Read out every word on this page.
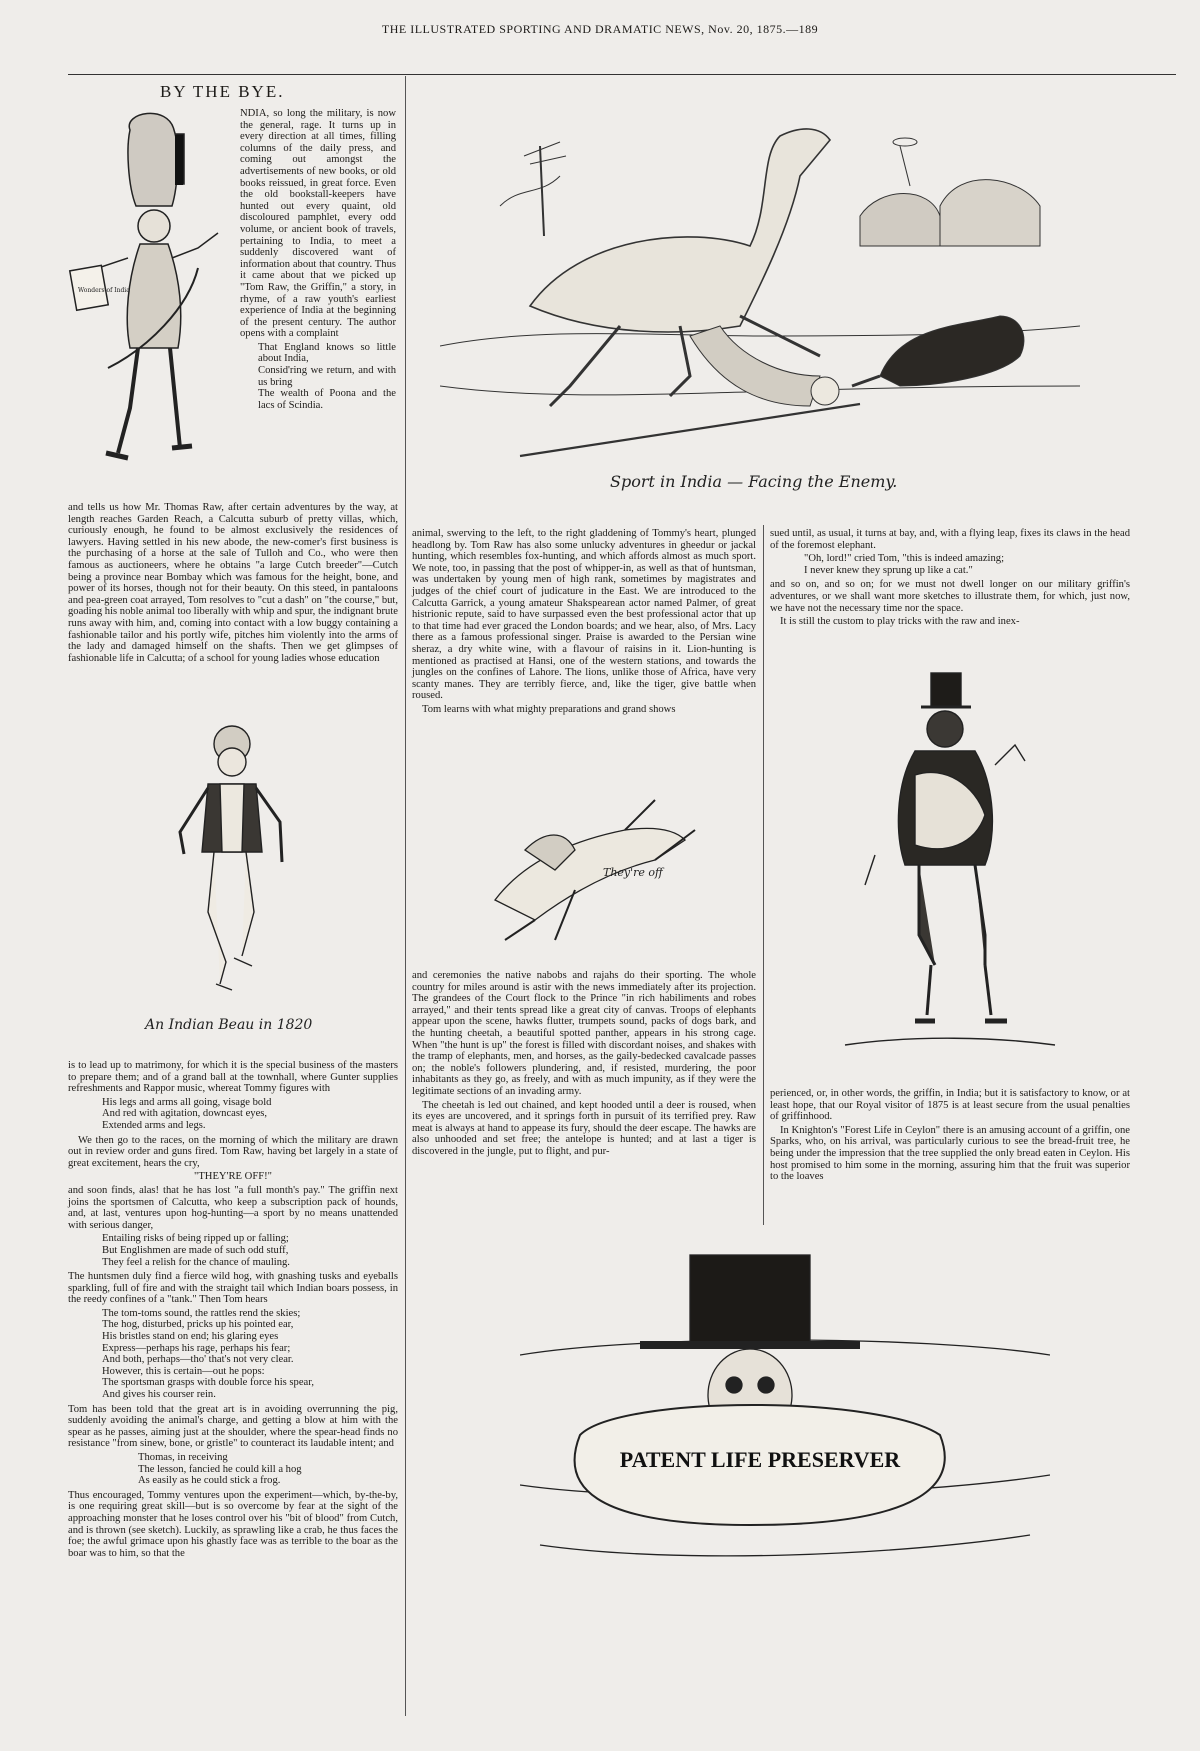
THE ILLUSTRATED SPORTING AND DRAMATIC NEWS, Nov. 20, 1875.—189
BY THE BYE.
Wonders of India

NDIA, so long the military, is now the general, rage. It turns up in every direction at all times, filling columns of the daily press, and coming out amongst the advertisements of new books, or old books reissued, in great force. Even the old bookstall-keepers have hunted out every quaint, old discoloured pamphlet, every odd volume, or ancient book of travels, pertaining to India, to meet a suddenly discovered want of information about that country. Thus it came about that we picked up "Tom Raw, the Griffin," a story, in rhyme, of a raw youth's earliest experience of India at the beginning of the present century. The author opens with a complaint

That England knows so little about India,
Consid'ring we return, and with us bring
The wealth of Poona and the lacs of Scindia.

and tells us how Mr. Thomas Raw, after certain adventures by the way, at length reaches Garden Reach, a Calcutta suburb of pretty villas, which, curiously enough, he found to be almost exclusively the residences of lawyers. Having settled in his new abode, the new-comer's first business is the purchasing of a horse at the sale of Tulloh and Co., who were then famous as auctioneers, where he obtains "a large Cutch breeder"—Cutch being a province near Bombay which was famous for the height, bone, and power of its horses, though not for their beauty. On this steed, in pantaloons and pea-green coat arrayed, Tom resolves to "cut a dash" on "the course," but, goading his noble animal too liberally with whip and spur, the indignant brute runs away with him, and, coming into contact with a low buggy containing a fashionable tailor and his portly wife, pitches him violently into the arms of the lady and damaged himself on the shafts. Then we get glimpses of fashionable life in Calcutta; of a school for young ladies whose education

An Indian Beau in 1820

is to lead up to matrimony, for which it is the special business of the masters to prepare them; and of a grand ball at the townhall, where Gunter supplies refreshments and Rappor music, whereat Tommy figures with

His legs and arms all going, visage bold
And red with agitation, downcast eyes,
Extended arms and legs.

We then go to the races, on the morning of which the military are drawn out in review order and guns fired. Tom Raw, having bet largely in a state of great excitement, hears the cry,

"THEY'RE OFF!"

and soon finds, alas! that he has lost "a full month's pay." The griffin next joins the sportsmen of Calcutta, who keep a subscription pack of hounds, and, at last, ventures upon hog-hunting—a sport by no means unattended with serious danger,

Entailing risks of being ripped up or falling;
But Englishmen are made of such odd stuff,
They feel a relish for the chance of mauling.

The huntsmen duly find a fierce wild hog, with gnashing tusks and eyeballs sparkling, full of fire and with the straight tail which Indian boars possess, in the reedy confines of a "tank." Then Tom hears

The tom-toms sound, the rattles rend the skies;
The hog, disturbed, pricks up his pointed ear,
His bristles stand on end; his glaring eyes
Express—perhaps his rage, perhaps his fear;
And both, perhaps—tho' that's not very clear.
However, this is certain—out he pops:
The sportsman grasps with double force his spear,
And gives his courser rein.

Tom has been told that the great art is in avoiding overrunning the pig, suddenly avoiding the animal's charge, and getting a blow at him with the spear as he passes, aiming just at the shoulder, where the spear-head finds no resistance "from sinew, bone, or gristle" to counteract its laudable intent; and

Thomas, in receiving
The lesson, fancied he could kill a hog
As easily as he could stick a frog.

Thus encouraged, Tommy ventures upon the experiment—which, by-the-by, is one requiring great skill—but is so overcome by fear at the sight of the approaching monster that he loses control over his "bit of blood" from Cutch, and is thrown (see sketch). Luckily, as sprawling like a crab, he thus faces the foe; the awful grimace upon his ghastly face was as terrible to the boar as the boar was to him, so that the

Sport in India — Facing the Enemy.

animal, swerving to the left, to the right gladdening of Tommy's heart, plunged headlong by. Tom Raw has also some unlucky adventures in gheedur or jackal hunting, which resembles fox-hunting, and which affords almost as much sport. We note, too, in passing that the post of whipper-in, as well as that of huntsman, was undertaken by young men of high rank, sometimes by magistrates and judges of the chief court of judicature in the East. We are introduced to the Calcutta Garrick, a young amateur Shakspearean actor named Palmer, of great histrionic repute, said to have surpassed even the best professional actor that up to that time had ever graced the London boards; and we hear, also, of Mrs. Lacy there as a famous professional singer. Praise is awarded to the Persian wine sheraz, a dry white wine, with a flavour of raisins in it. Lion-hunting is mentioned as practised at Hansi, one of the western stations, and towards the jungles on the confines of Lahore. The lions, unlike those of Africa, have very scanty manes. They are terribly fierce, and, like the tiger, give battle when roused.

Tom learns with what mighty preparations and grand shows

They're off

and ceremonies the native nabobs and rajahs do their sporting. The whole country for miles around is astir with the news immediately after its projection. The grandees of the Court flock to the Prince "in rich habiliments and robes arrayed," and their tents spread like a great city of canvas. Troops of elephants appear upon the scene, hawks flutter, trumpets sound, packs of dogs bark, and the hunting cheetah, a beautiful spotted panther, appears in his strong cage. When "the hunt is up" the forest is filled with discordant noises, and shakes with the tramp of elephants, men, and horses, as the gaily-bedecked cavalcade passes on; the noble's followers plundering, and, if resisted, murdering, the poor inhabitants as they go, as freely, and with as much impunity, as if they were the legitimate sections of an invading army.

The cheetah is led out chained, and kept hooded until a deer is roused, when its eyes are uncovered, and it springs forth in pursuit of its terrified prey. Raw meat is always at hand to appease its fury, should the deer escape. The hawks are also unhooded and set free; the antelope is hunted; and at last a tiger is discovered in the jungle, put to flight, and pur-

sued until, as usual, it turns at bay, and, with a flying leap, fixes its claws in the head of the foremost elephant.

"Oh, lord!" cried Tom, "this is indeed amazing;
I never knew they sprung up like a cat."

and so on, and so on; for we must not dwell longer on our military griffin's adventures, or we shall want more sketches to illustrate them, for which, just now, we have not the necessary time nor the space.

It is still the custom to play tricks with the raw and inex-

perienced, or, in other words, the griffin, in India; but it is satisfactory to know, or at least hope, that our Royal visitor of 1875 is at least secure from the usual penalties of griffinhood.

In Knighton's "Forest Life in Ceylon" there is an amusing account of a griffin, one Sparks, who, on his arrival, was particularly curious to see the bread-fruit tree, he being under the impression that the tree supplied the only bread eaten in Ceylon. His host promised to him some in the morning, assuring him that the fruit was superior to the loaves

PATENT LIFE PRESERVER
